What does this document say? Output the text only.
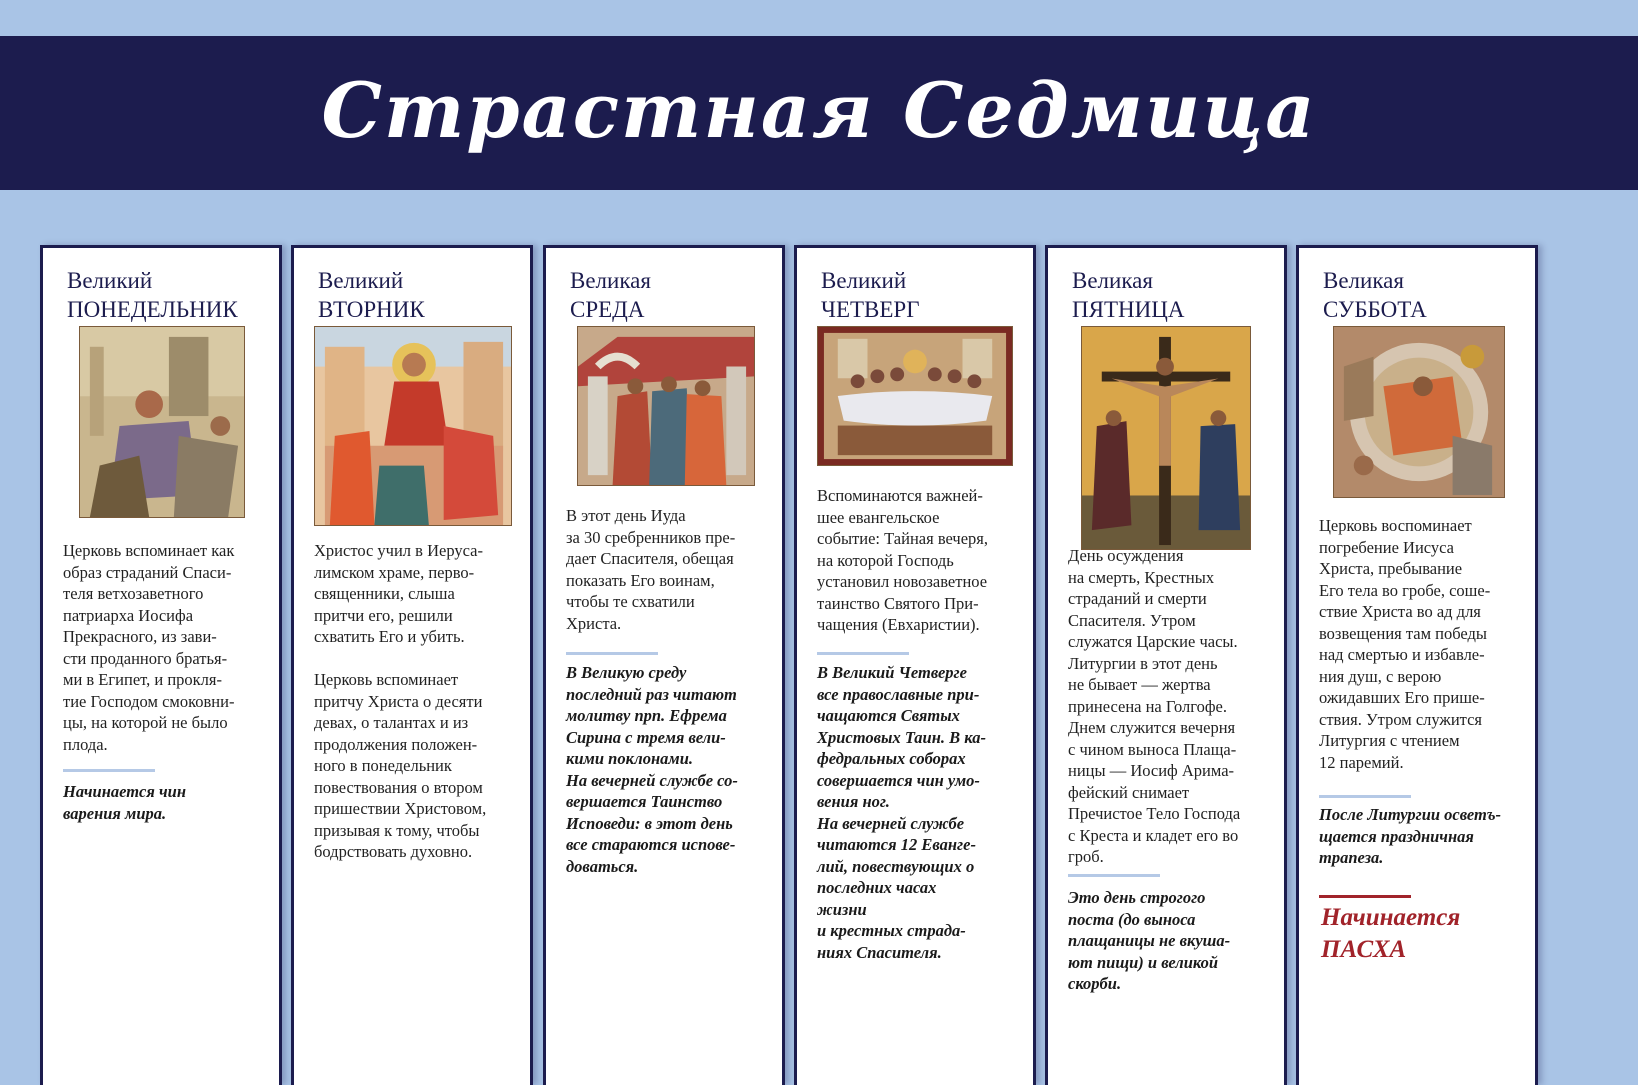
Страстная Седмица
Великий
ПОНЕДЕЛЬНИК

Церковь вспоминает как
образ страданий Спаси-
теля ветхозаветного
патриарха Иосифа
Прекрасного, из зави-
сти проданного братья-
ми в Египет, и прокля-
тие Господом смоковни-
цы, на которой не было
плода.

Начинается чин
варения мира.

Великий
ВТОРНИК

Христос учил в Иеруса-
лимском храме, перво-
священники, слыша
притчи его, решили
схватить Его и убить.

Церковь вспоминает
притчу Христа о десяти
девах, о талантах и из
продолжения положен-
ного в понедельник
повествования о втором
пришествии Христовом,
призывая к тому, чтобы
бодрствовать духовно.

Великая
СРЕДА

В этот день Иуда
за 30 сребренников пре-
дает Спасителя, обещая
показать Его воинам,
чтобы те схватили
Христа.

В Великую среду
последний раз читают
молитву прп. Ефрема
Сирина с тремя вели-
кими поклонами.
На вечерней службе со-
вершается Таинство
Исповеди: в этот день
все стараются испове-
доваться.

Великий
ЧЕТВЕРГ

Вспоминаются важней-
шее евангельское
событие: Тайная вечеря,
на которой Господь
установил новозаветное
таинство Святого При-
чащения (Евхаристии).

В Великий Четверге
все православные при-
чащаются Святых
Христовых Таин. В ка-
федральных соборах
совершается чин умо-
вения ног.
На вечерней службе
читаются 12 Еванге-
лий, повествующих о
последних часах
жизни
и крестных страда-
ниях Спасителя.

Великая
ПЯТНИЦА

День осуждения
на смерть, Крестных
страданий и смерти
Спасителя. Утром
служатся Царские часы.
Литургии в этот день
не бывает — жертва
принесена на Голгофе.
Днем служится вечерня
с чином выноса Плаща-
ницы — Иосиф Арима-
фейский снимает
Пречистое Тело Господа
с Креста и кладет его во
гроб.

Это день строгого
поста (до выноса
плащаницы не вкуша-
ют пищи) и великой
скорби.

Великая
СУББОТА

Церковь воспоминает
погребение Иисуса
Христа, пребывание
Его тела во гробе, соше-
ствие Христа во ад для
возвещения там победы
над смертью и избавле-
ния душ, с верою
ожидавших Его прише-
ствия. Утром служится
Литургия с чтением
12 паремий.

После Литургии осветъ-
щается праздничная
трапеза.

Начинается
ПАСХА
